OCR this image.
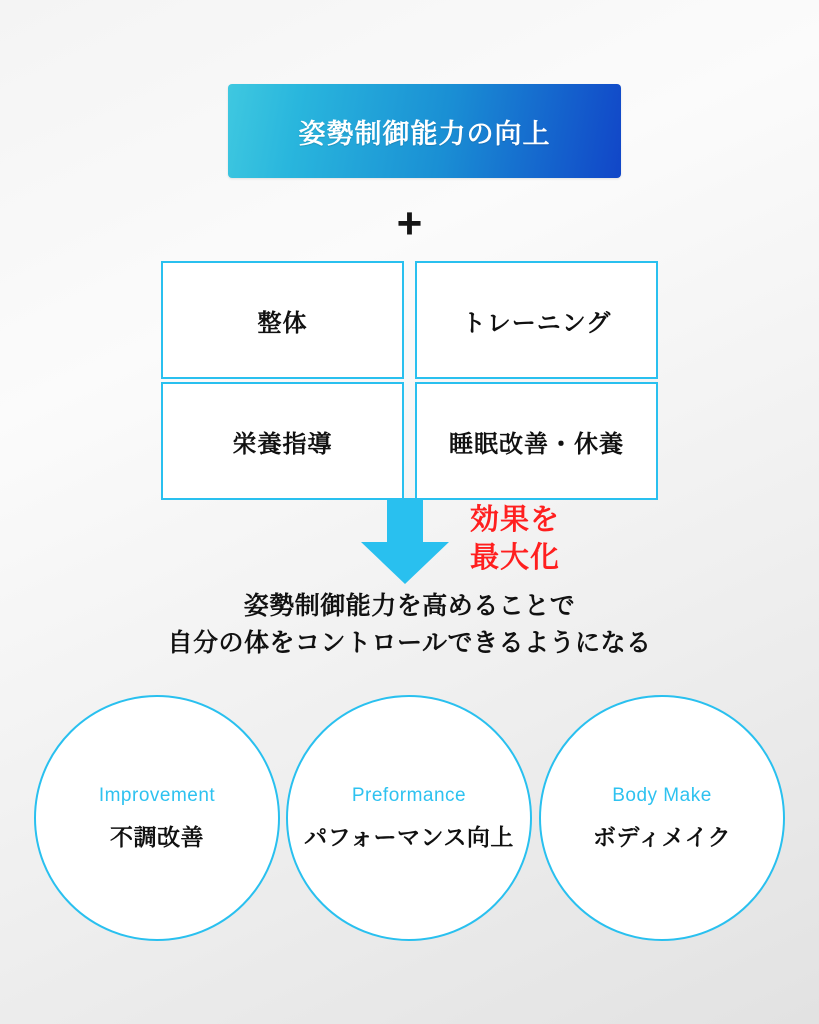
姿勢制御能力の向上
+
整体	トレーニング
栄養指導	睡眠改善・休養
効果を
最大化
姿勢制御能力を高めることで
自分の体をコントロールできるようになる
Improvement
不調改善
Preformance
パフォーマンス向上
Body Make
ボディメイク
